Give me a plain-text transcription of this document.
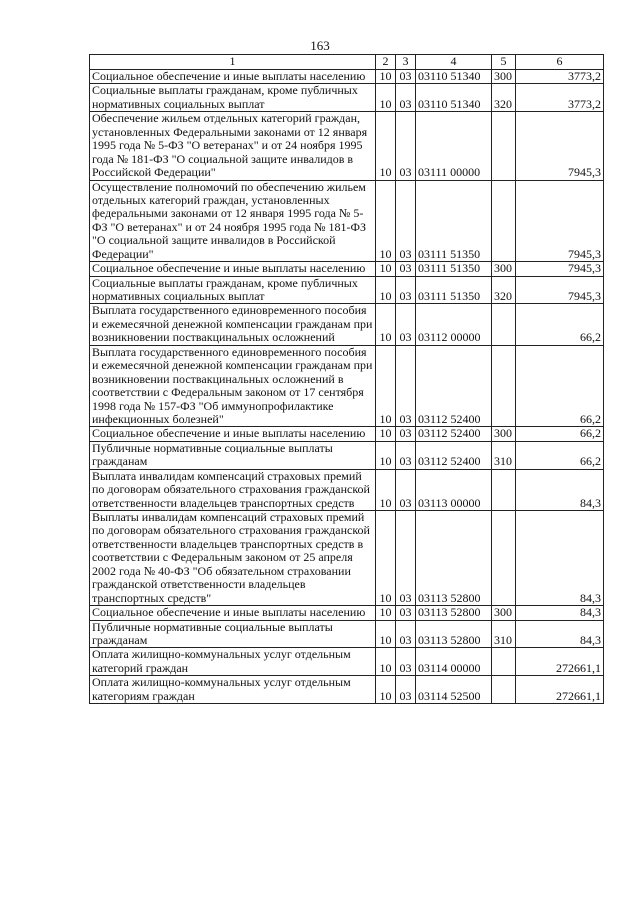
163
1	2	3	4	5	6
Социальное обеспечение и иные выплаты населению	10	03	03110 51340	300	3773,2
Социальные выплаты гражданам, кроме публичных нормативных социальных выплат	10	03	03110 51340	320	3773,2
Обеспечение жильем отдельных категорий граждан, установленных Федеральными законами от 12 января 1995 года № 5-ФЗ "О ветеранах" и от 24 ноября 1995 года № 181-ФЗ "О социальной защите инвалидов в Российской Федерации"	10	03	03111 00000		7945,3
Осуществление полномочий по обеспечению жильем отдельных категорий граждан, установленных федеральными законами от 12 января 1995 года № 5-ФЗ "О ветеранах" и от 24 ноября 1995 года № 181-ФЗ "О социальной защите инвалидов в Российской Федерации"	10	03	03111 51350		7945,3
Социальное обеспечение и иные выплаты населению	10	03	03111 51350	300	7945,3
Социальные выплаты гражданам, кроме публичных нормативных социальных выплат	10	03	03111 51350	320	7945,3
Выплата государственного единовременного пособия и ежемесячной денежной компенсации гражданам при возникновении поствакцинальных осложнений	10	03	03112 00000		66,2
Выплата государственного единовременного пособия и ежемесячной денежной компенсации гражданам при возникновении поствакцинальных осложнений в соответствии с Федеральным законом от 17 сентября 1998 года № 157-ФЗ "Об иммунопрофилактике инфекционных болезней"	10	03	03112 52400		66,2
Социальное обеспечение и иные выплаты населению	10	03	03112 52400	300	66,2
Публичные нормативные социальные выплаты гражданам	10	03	03112 52400	310	66,2
Выплата инвалидам компенсаций страховых премий по договорам обязательного страхования гражданской ответственности владельцев транспортных средств	10	03	03113 00000		84,3
Выплаты инвалидам компенсаций страховых премий по договорам обязательного страхования гражданской ответственности владельцев транспортных средств в соответствии с Федеральным законом от 25 апреля 2002 года № 40-ФЗ "Об обязательном страховании гражданской ответственности владельцев транспортных средств"	10	03	03113 52800		84,3
Социальное обеспечение и иные выплаты населению	10	03	03113 52800	300	84,3
Публичные нормативные социальные выплаты гражданам	10	03	03113 52800	310	84,3
Оплата жилищно-коммунальных услуг отдельным категорий граждан	10	03	03114 00000		272661,1
Оплата жилищно-коммунальных услуг отдельным категориям граждан	10	03	03114 52500		272661,1
